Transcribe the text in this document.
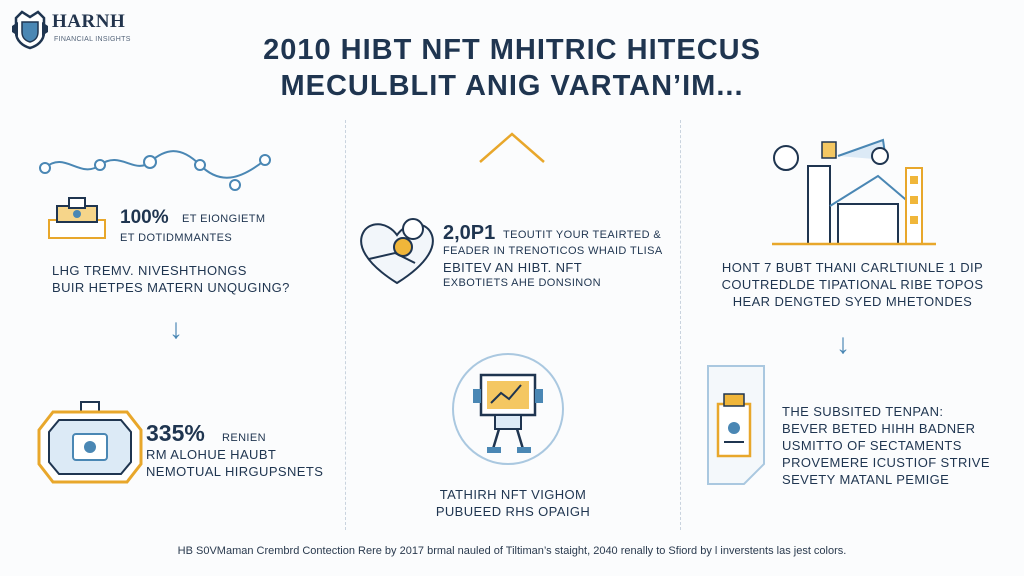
HARNH
FINANCIAL INSIGHTS	2010 HIBT NFT MHITRIC HITECUS
MECULBLIT ANIG VARTAN’IM...
100% ET EIONGIETM
ET DOTIDMMANTES
LHG TREMV. NIVESHTHONGS
BUIR HETPES MATERN UNQUGING?
↓
335% RENIEN
RM ALOHUE HAUBT
NEMOTUAL HIRGUPSNETS
2,0P1 TEOUTIT YOUR TEAIRTED &
FEADER IN TRENOTICOS WHAID TLISA
EBITEV AN HIBT. NFT
EXBOTIETS AHE DONSINON
TATHIRH NFT VIGHOM
PUBUEED RHS OPAIGH
HONT 7 BUBT THANI CARLTIUNLE 1 DIP
COUTREDLDE TIPATIONAL RIBE TOPOS
HEAR DENGTED SYED MHETONDES
↓
THE SUBSITED TENPAN:
BEVER BETED HIHH BADNER
USMITTO OF SECTAMENTS
PROVEMERE ICUSTIOF STRIVE
SEVETY MATANL PEMIGE
HB S0VMaman Crembrd Contection Rere by 2017 brmal nauled of Tiltiman’s staight, 2040 renally to Sfiord by l inverstents las jest colors.
